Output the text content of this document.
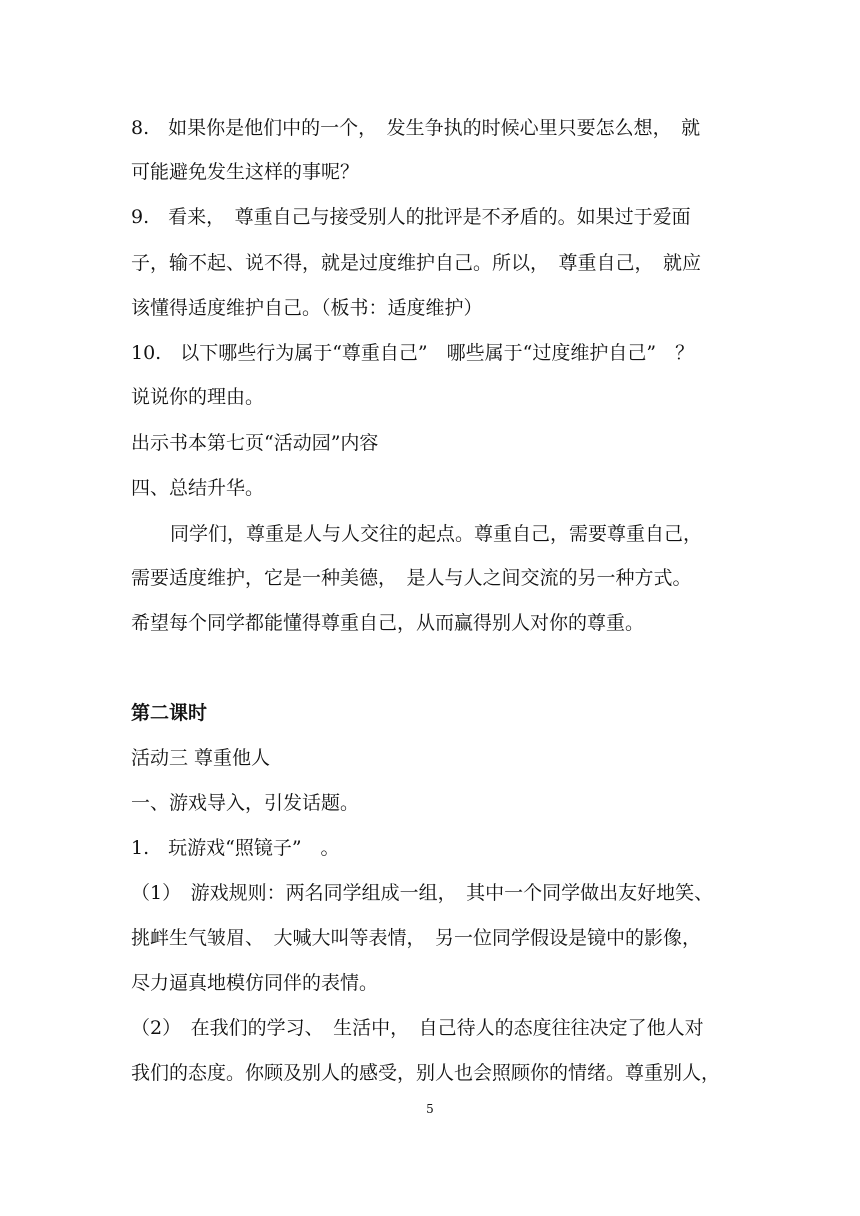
8.　如果你是他们中的一个，　发生争执的时候心里只要怎么想，　就
可能避免发生这样的事呢？
9.　看来，　尊重自己与接受别人的批评是不矛盾的。如果过于爱面
子，输不起、说不得，就是过度维护自己。所以，　尊重自己，　就应
该懂得适度维护自己。（板书：适度维护）
10.　以下哪些行为属于“尊重自己”　哪些属于“过度维护自己”　？
说说你的理由。
出示书本第七页“活动园”内容
四、总结升华。
同学们，尊重是人与人交往的起点。尊重自己，需要尊重自己，
需要适度维护，它是一种美德，　是人与人之间交流的另一种方式。
希望每个同学都能懂得尊重自己，从而赢得别人对你的尊重。
第二课时
活动三 尊重他人
一、游戏导入，引发话题。
1.　玩游戏“照镜子”　。
（1）　游戏规则：两名同学组成一组，　其中一个同学做出友好地笑、
挑衅生气皱眉、　大喊大叫等表情，　另一位同学假设是镜中的影像，
尽力逼真地模仿同伴的表情。
（2）　在我们的学习、　生活中，　自己待人的态度往往决定了他人对
我们的态度。你顾及别人的感受，别人也会照顾你的情绪。尊重别人，
5
